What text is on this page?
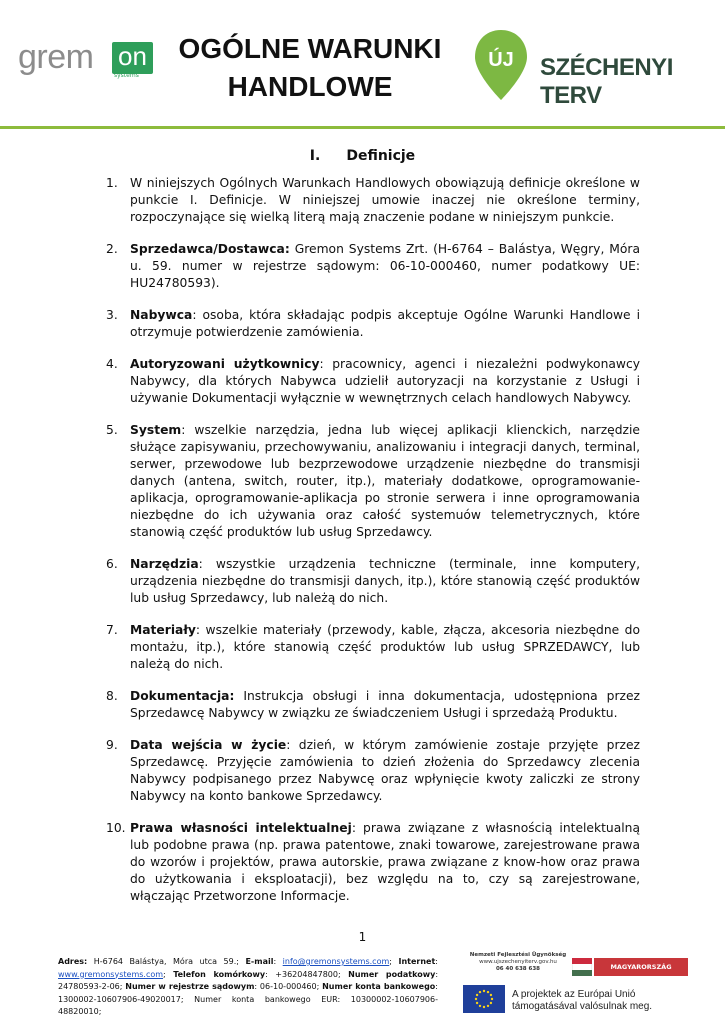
grem on
systems
OGÓLNE WARUNKI
HANDLOWE
ÚJ SZÉCHENYI TERV
I. Definicje
1. W niniejszych Ogólnych Warunkach Handlowych obowiązują definicje określone w punkcie I. Definicje. W niniejszej umowie inaczej nie określone terminy, rozpoczynające się wielką literą mają znaczenie podane w niniejszym punkcie.
2. Sprzedawca/Dostawca: Gremon Systems Zrt. (H-6764 – Balástya, Węgry, Móra u. 59. numer w rejestrze sądowym: 06-10-000460, numer podatkowy UE: HU24780593).
3. Nabywca: osoba, która składając podpis akceptuje Ogólne Warunki Handlowe i otrzymuje potwierdzenie zamówienia.
4. Autoryzowani użytkownicy: pracownicy, agenci i niezależni podwykonawcy Nabywcy, dla których Nabywca udzielił autoryzacji na korzystanie z Usługi i używanie Dokumentacji wyłącznie w wewnętrznych celach handlowych Nabywcy.
5. System: wszelkie narzędzia, jedna lub więcej aplikacji klienckich, narzędzie służące zapisywaniu, przechowywaniu, analizowaniu i integracji danych, terminal, serwer, przewodowe lub bezprzewodowe urządzenie niezbędne do transmisji danych (antena, switch, router, itp.), materiały dodatkowe, oprogramowanie-aplikacja, oprogramowanie-aplikacja po stronie serwera i inne oprogramowania niezbędne do ich używania oraz całość systemuów telemetrycznych, które stanowią część produktów lub usług Sprzedawcy.
6. Narzędzia: wszystkie urządzenia techniczne (terminale, inne komputery, urządzenia niezbędne do transmisji danych, itp.), które stanowią część produktów lub usług Sprzedawcy, lub należą do nich.
7. Materiały: wszelkie materiały (przewody, kable, złącza, akcesoria niezbędne do montażu, itp.), które stanowią część produktów lub usług SPRZEDAWCY, lub należą do nich.
8. Dokumentacja: Instrukcja obsługi i inna dokumentacja, udostępniona przez Sprzedawcę Nabywcy w związku ze świadczeniem Usługi i sprzedażą Produktu.
9. Data wejścia w życie: dzień, w którym zamówienie zostaje przyjęte przez Sprzedawcę. Przyjęcie zamówienia to dzień złożenia do Sprzedawcy zlecenia Nabywcy podpisanego przez Nabywcę oraz wpłynięcie kwoty zaliczki ze strony Nabywcy na konto bankowe Sprzedawcy.
10. Prawa własności intelektualnej: prawa związane z własnością intelektualną lub podobne prawa (np. prawa patentowe, znaki towarowe, zarejestrowane prawa do wzorów i projektów, prawa autorskie, prawa związane z know-how oraz prawa do użytkowania i eksploatacji), bez względu na to, czy są zarejestrowane, włączając Przetworzone Informacje.
1
Adres: H-6764 Balástya, Móra utca 59.; E-mail: info@gremonsystems.com; Internet: www.gremonsystems.com; Telefon komórkowy: +36204847800; Numer podatkowy: 24780593-2-06; Numer w rejestrze sądowym: 06-10-000460; Numer konta bankowego: 1300002-10607906-49020017; Numer konta bankowego EUR: 10300002-10607906-48820010;
Nemzeti Fejlesztési Ügynökség
www.ujszechenyiterv.gov.hu
06 40 638 638	MAGYARORSZÁG MEGÚJUL
A projektek az Európai Unió támogatásával valósulnak meg.
